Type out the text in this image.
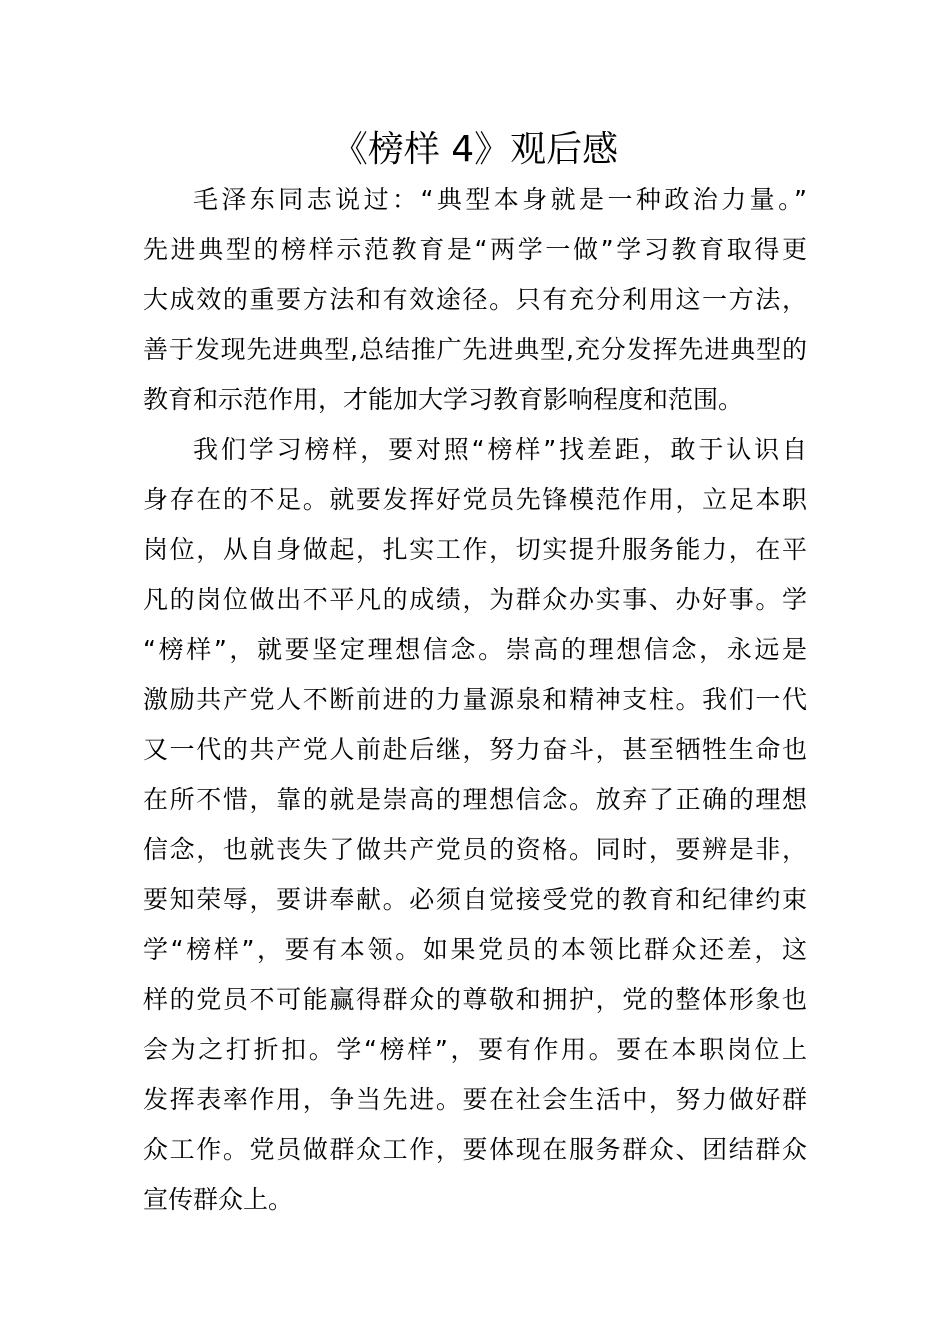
《榜样 4》观后感
毛泽东同志说过：“典型本身就是一种政治力量。”
先进典型的榜样示范教育是“两学一做”学习教育取得更
大成效的重要方法和有效途径。只有充分利用这一方法，
善于发现先进典型,总结推广先进典型,充分发挥先进典型的
教育和示范作用，才能加大学习教育影响程度和范围。
我们学习榜样，要对照“榜样”找差距，敢于认识自
身存在的不足。就要发挥好党员先锋模范作用，立足本职
岗位，从自身做起，扎实工作，切实提升服务能力，在平
凡的岗位做出不平凡的成绩，为群众办实事、办好事。学
“榜样”，就要坚定理想信念。崇高的理想信念，永远是
激励共产党人不断前进的力量源泉和精神支柱。我们一代
又一代的共产党人前赴后继，努力奋斗，甚至牺牲生命也
在所不惜，靠的就是崇高的理想信念。放弃了正确的理想
信念，也就丧失了做共产党员的资格。同时，要辨是非，
要知荣辱，要讲奉献。必须自觉接受党的教育和纪律约束
学“榜样”，要有本领。如果党员的本领比群众还差，这
样的党员不可能赢得群众的尊敬和拥护，党的整体形象也
会为之打折扣。学“榜样”，要有作用。要在本职岗位上
发挥表率作用，争当先进。要在社会生活中，努力做好群
众工作。党员做群众工作，要体现在服务群众、团结群众
宣传群众上。
